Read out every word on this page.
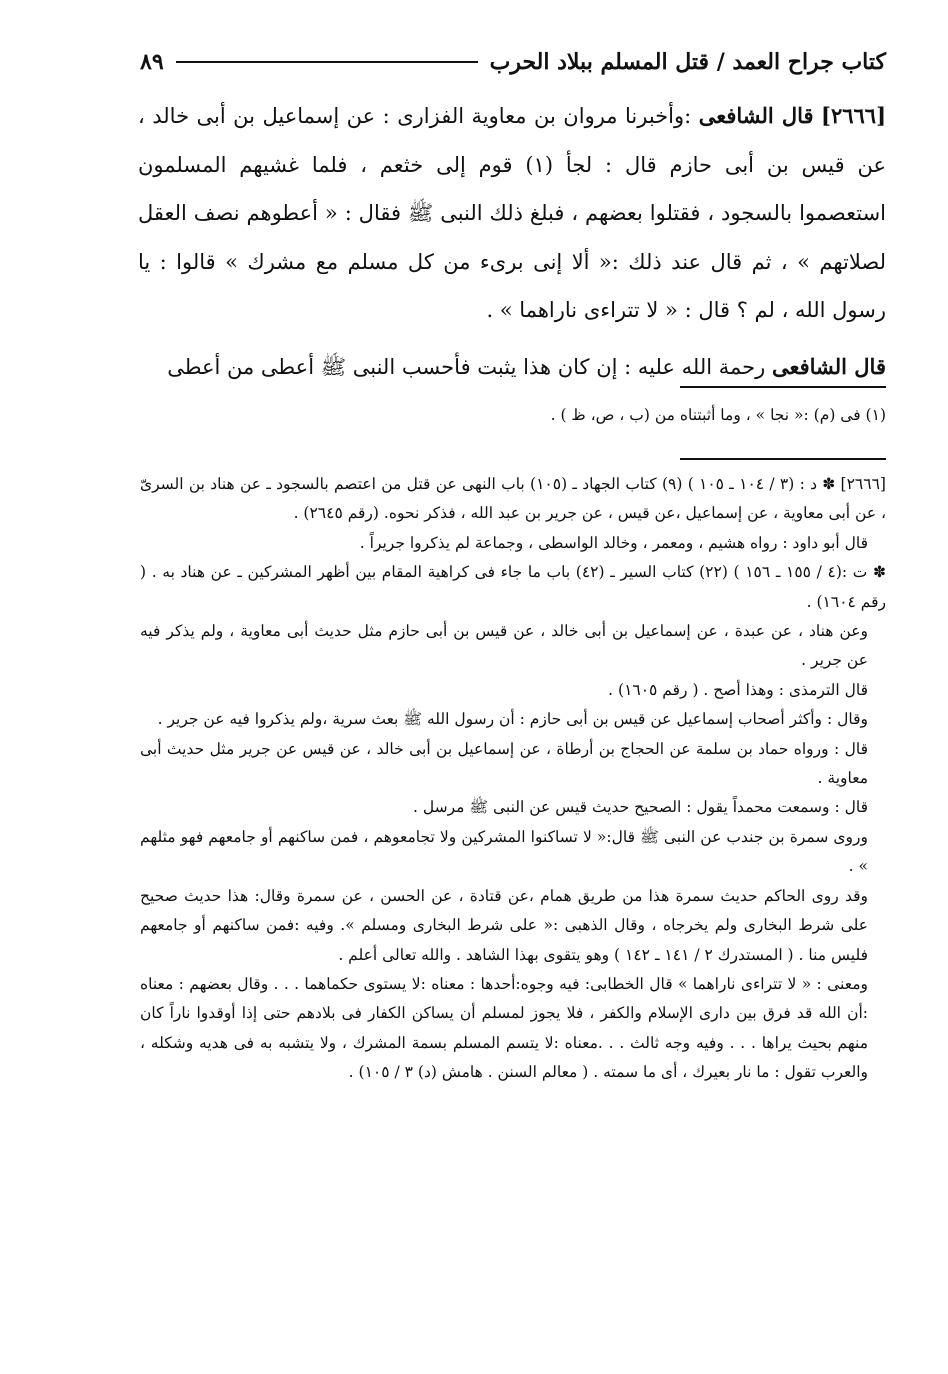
كتاب جراح العمد / قتل المسلم ببلاد الحرب
٨٩

[٢٦٦٦] قال الشافعى :وأخبرنا مروان بن معاوية الفزارى : عن إسماعيل بن أبى خالد ، عن قيس بن أبى حازم قال : لجأ (١) قوم إلى خثعم ، فلما غشيهم المسلمون استعصموا بالسجود ، فقتلوا بعضهم ، فبلغ ذلك النبى ﷺ فقال : « أعطوهم نصف العقل لصلاتهم » ، ثم قال عند ذلك :« ألا إنى برىء من كل مسلم مع مشرك » قالوا : يا رسول الله ، لم ؟ قال : « لا تتراءى ناراهما » .

قال الشافعى رحمة الله عليه : إن كان هذا يثبت فأحسب النبى ﷺ أعطى من أعطى

(١) فى (م) :« نجا » ، وما أثبتناه من (ب ، ص، ظ ) .

[٢٦٦٦] ✽ د : (٣ / ١٠٤ ـ ١٠٥ ) (٩) كتاب الجهاد ـ (١٠٥) باب النهى عن قتل من اعتصم بالسجود ـ عن هناد بن السرىّ ، عن أبى معاوية ، عن إسماعيل ،عن قيس ، عن جرير بن عبد الله ، فذكر نحوه. (رقم ٢٦٤٥) .

قال أبو داود : رواه هشيم ، ومعمر ، وخالد الواسطى ، وجماعة لم يذكروا جريراً .

✽ ت :(٤ / ١٥٥ ـ ١٥٦ ) (٢٢) كتاب السير ـ (٤٢) باب ما جاء فى كراهية المقام بين أظهر المشركين ـ عن هناد به . ( رقم ١٦٠٤) .

وعن هناد ، عن عبدة ، عن إسماعيل بن أبى خالد ، عن قيس بن أبى حازم مثل حديث أبى معاوية ، ولم يذكر فيه عن جرير .

قال الترمذى : وهذا أصح . ( رقم ١٦٠٥) .

وقال : وأكثر أصحاب إسماعيل عن قيس بن أبى حازم : أن رسول الله ﷺ بعث سرية ،ولم يذكروا فيه عن جرير .

قال : ورواه حماد بن سلمة عن الحجاج بن أرطاة ، عن إسماعيل بن أبى خالد ، عن قيس عن جرير مثل حديث أبى معاوية .

قال : وسمعت محمداً يقول : الصحيح حديث قيس عن النبى ﷺ مرسل .

وروى سمرة بن جندب عن النبى ﷺ قال:« لا تساكنوا المشركين ولا تجامعوهم ، فمن ساكنهم أو جامعهم فهو مثلهم » .

وقد روى الحاكم حديث سمرة هذا من طريق همام ،عن قتادة ، عن الحسن ، عن سمرة وقال: هذا حديث صحيح على شرط البخارى ولم يخرجاه ، وقال الذهبى :« على شرط البخارى ومسلم ». وفيه :فمن ساكنهم أو جامعهم فليس منا . ( المستدرك ٢ / ١٤١ ـ ١٤٢ ) وهو يتقوى بهذا الشاهد . والله تعالى أعلم .

ومعنى : « لا تتراءى ناراهما » قال الخطابى: فيه وجوه:أحدها : معناه :لا يستوى حكماهما . . . وقال بعضهم : معناه :أن الله قد فرق بين دارى الإسلام والكفر ، فلا يجوز لمسلم أن يساكن الكفار فى بلادهم حتى إذا أوقدوا ناراً كان منهم بحيث يراها . . . وفيه وجه ثالث . . .معناه :لا يتسم المسلم بسمة المشرك ، ولا يتشبه به فى هديه وشكله ، والعرب تقول : ما نار بعيرك ، أى ما سمته . ( معالم السنن . هامش (د) ٣ / ١٠٥) .
